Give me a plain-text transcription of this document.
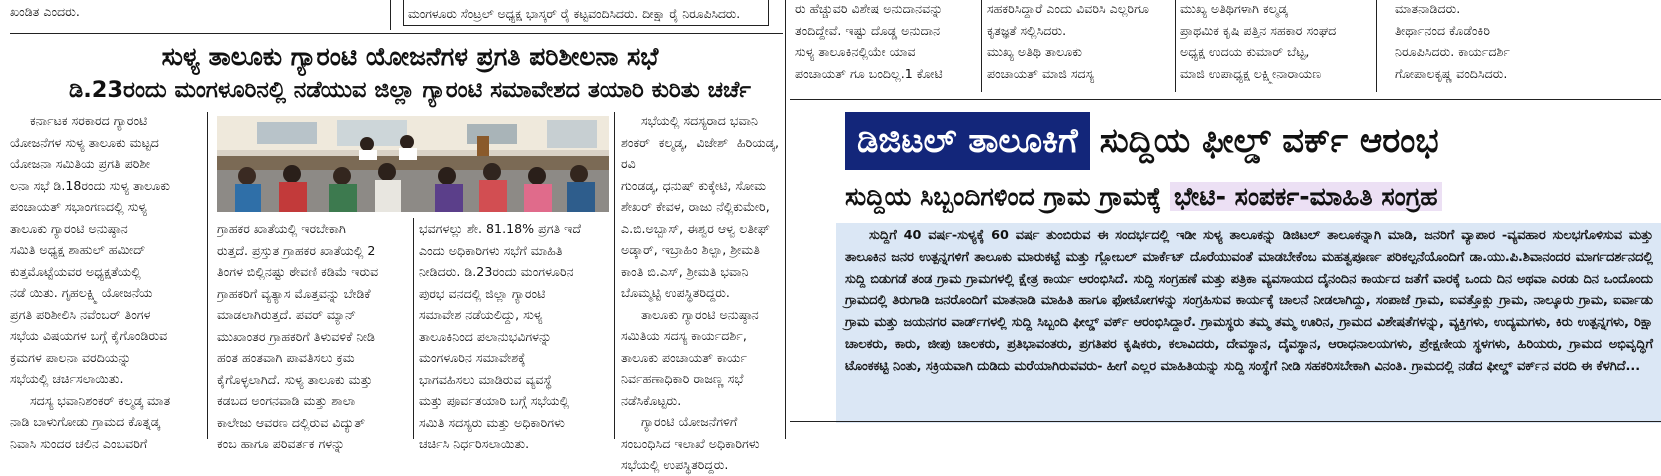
ಖಂಡಿತ ಎಂದರು.	ಮಂಗಳೂರು ಸೆಂಟ್ರಲ್ ಅಧ್ಯಕ್ಷ ಭಾಸ್ಕರ್ ರೈ ಕಟ್ಟವಂದಿಸಿದರು. ದೀಕ್ಷಾ ರೈ ನಿರೂಪಿಸಿದರು.	ರು ಹೆಚ್ಚುವರಿ ವಿಶೇಷ ಅನುದಾನವನ್ನು

ತಂದಿದ್ದೇವೆ. ಇಷ್ಟು ದೊಡ್ಡ ಅನುದಾನ

ಸುಳ್ಯ ತಾಲೂಕಿನಲ್ಲಿಯೇ ಯಾವ

ಪಂಚಾಯತ್ ಗೂ ಬಂದಿಲ್ಲ.1 ಕೋಟಿ

ಸಹಕರಿಸಿದ್ದಾರೆ ಎಂದು ವಿವರಿಸಿ ಎಲ್ಲರಿಗೂ

ಕೃತಜ್ಞತೆ ಸಲ್ಲಿಸಿದರು.

ಮುಖ್ಯ ಅತಿಥಿ ತಾಲೂಕು

ಪಂಚಾಯತ್ ಮಾಜಿ ಸದಸ್ಯ

ಮುಖ್ಯ ಅತಿಥಿಗಳಾಗಿ ಕಲ್ಮಡ್ಕ

ಪ್ರಾಥಮಿಕ ಕೃಷಿ ಪತ್ತಿನ ಸಹಕಾರ ಸಂಘದ

ಅಧ್ಯಕ್ಷ ಉದಯ ಕುಮಾರ್ ಬೆಟ್ಟ,

ಮಾಜಿ ಉಪಾಧ್ಯಕ್ಷ ಲಕ್ಷ್ಮೀನಾರಾಯಣ

ಮಾತನಾಡಿದರು.

ತೀರ್ಥಾನಂದ ಕೊಡೆಂಕಿರಿ

ನಿರೂಪಿಸಿದರು. ಕಾರ್ಯದರ್ಶಿ

ಗೋಪಾಲಕೃಷ್ಣ ವಂದಿಸಿದರು.

ಸುಳ್ಯ ತಾಲೂಕು ಗ್ಯಾರಂಟಿ ಯೋಜನೆಗಳ ಪ್ರಗತಿ ಪರಿಶೀಲನಾ ಸಭೆ
ಡಿ.23ರಂದು ಮಂಗಳೂರಿನಲ್ಲಿ ನಡೆಯುವ ಜಿಲ್ಲಾ ಗ್ಯಾರಂಟಿ ಸಮಾವೇಶದ ತಯಾರಿ ಕುರಿತು ಚರ್ಚೆ

ಕರ್ನಾಟಕ ಸರಕಾರದ ಗ್ಯಾರಂಟಿ

ಯೋಜನೆಗಳ ಸುಳ್ಯ ತಾಲೂಕು ಮಟ್ಟದ

ಯೋಜನಾ ಸಮಿತಿಯ ಪ್ರಗತಿ ಪರಿಶೀ

ಲನಾ ಸಭೆ ಡಿ.18ರಂದು ಸುಳ್ಯ ತಾಲೂಕು

ಪಂಚಾಯತ್ ಸಭಾಂಗಣದಲ್ಲಿ ಸುಳ್ಯ

ತಾಲೂಕು ಗ್ಯಾರಂಟಿ ಅನುಷ್ಠಾನ

ಸಮಿತಿ ಅಧ್ಯಕ್ಷ ಶಾಹುಲ್ ಹಮೀದ್

ಕುತ್ತಮೊಟ್ಟೆಯವರ ಅಧ್ಯಕ್ಷತೆಯಲ್ಲಿ

ನಡೆ ಯಿತು. ಗೃಹಲಕ್ಷ್ಮಿ ಯೋಜನೆಯ

ಪ್ರಗತಿ ಪರಿಶೀಲಿಸಿ ನವೆಂಬರ್ ತಿಂಗಳ

ಸಭೆಯ ವಿಷಯಗಳ ಬಗ್ಗೆ ಕೈಗೊಂಡಿರುವ

ಕ್ರಮಗಳ ಪಾಲನಾ ವರದಿಯನ್ನು

ಸಭೆಯಲ್ಲಿ ಚರ್ಚಿಸಲಾಯಿತು.

ಸದಸ್ಯ ಭವಾನಿಶಂಕರ್ ಕಲ್ಮಡ್ಕ ಮಾತ

ನಾಡಿ ಬಾಳುಗೋಡು ಗ್ರಾಮದ ಕೊತ್ನಡ್ಕ

ನಿವಾಸಿ ಸುಂದರ ಚಲಿನ ಎಂಬವರಿಗೆ

ಗ್ರಾಹಕರ ಖಾತೆಯಲ್ಲಿ ಇರಬೇಕಾಗಿ

ರುತ್ತದೆ. ಪ್ರಸ್ತುತ ಗ್ರಾಹಕರ ಖಾತೆಯಲ್ಲಿ 2

ತಿಂಗಳ ಬಿಲ್ಲಿನಷ್ಟು ಠೇವಣಿ ಕಡಿಮೆ ಇರುವ

ಗ್ರಾಹಕರಿಗೆ ವ್ಯತ್ಯಾಸ ಮೊತ್ತವನ್ನು ಬೇಡಿಕೆ

ಮಾಡಲಾಗಿರುತ್ತದೆ. ಪವರ್ ಮ್ಯಾನ್

ಮುಖಾಂತರ ಗ್ರಾಹಕರಿಗೆ ತಿಳುವಳಿಕೆ ನೀಡಿ

ಹಂತ ಹಂತವಾಗಿ ಪಾವತಿಸಲು ಕ್ರಮ

ಕೈಗೊಳ್ಳಲಾಗಿದೆ. ಸುಳ್ಯ ತಾಲೂಕು ಮತ್ತು

ಕಡಬದ ಅಂಗನವಾಡಿ ಮತ್ತು ಶಾಲಾ

ಕಾಲೇಜು ಆವರಣ ದಲ್ಲಿರುವ ವಿದ್ಯುತ್

ಕಂಬ ಹಾಗೂ ಪರಿವರ್ತಕ ಗಳನ್ನು

ಭವಗಳಲ್ಲು ಶೇ. 81.18% ಪ್ರಗತಿ ಇದೆ

ಎಂದು ಅಧಿಕಾರಿಗಳು ಸಭೆಗೆ ಮಾಹಿತಿ

ನೀಡಿದರು. ಡಿ.23ರಂದು ಮಂಗಳೂರಿನ

ಪುರಭ ವನದಲ್ಲಿ ಜಿಲ್ಲಾ ಗ್ಯಾರಂಟಿ

ಸಮಾವೇಶ ನಡೆಯಲಿದ್ದು, ಸುಳ್ಯ

ತಾಲೂಕಿನಿಂದ ಪಲಾನುಭವಿಗಳನ್ನು

ಮಂಗಳೂರಿನ ಸಮಾವೇಶಕ್ಕೆ

ಭಾಗವಹಿಸಲು ಮಾಡಿರುವ ವ್ಯವಸ್ಥೆ

ಮತ್ತು ಪೂರ್ವತಯಾರಿ ಬಗ್ಗೆ ಸಭೆಯಲ್ಲಿ

ಸಮಿತಿ ಸದಸ್ಯರು ಮತ್ತು ಅಧಿಕಾರಿಗಳು

ಚರ್ಚಿಸಿ ನಿರ್ಧರಿಸಲಾಯಿತು.

ಸಭೆಯಲ್ಲಿ ಸದಸ್ಯರಾದ ಭವಾನಿ

ಶಂಕರ್ ಕಲ್ಮಡ್ಕ, ವಿಜೇಶ್ ಹಿರಿಯಡ್ಕ, ರವಿ

ಗುಂಡಡ್ಕ, ಧನುಷ್ ಕುಕ್ಕೇಟಿ, ಸೋಮ

ಶೇಖರ್ ಕೇವಳ, ರಾಜು ನೆಲ್ಲಿಕುಮೇರಿ,

ಎ.ಬಿ.ಅಬ್ಬಾಸ್, ಈಶ್ವರ ಆಳ್ವ ಲತೀಫ್

ಅಡ್ಕಾರ್, ಇಬ್ರಾಹಿಂ ಶಿಲ್ಪಾ, ಶ್ರೀಮತಿ

ಕಾಂತಿ ಬಿ.ಎಸ್, ಶ್ರೀಮತಿ ಭವಾನಿ

ಬೊಮ್ಮಟ್ಟಿ ಉಪಸ್ಥಿತರಿದ್ದರು.

ತಾಲೂಕು ಗ್ಯಾರಂಟಿ ಅನುಷ್ಠಾನ

ಸಮಿತಿಯ ಸದಸ್ಯ ಕಾರ್ಯದರ್ಶಿ,

ತಾಲೂಕು ಪಂಚಾಯತ್ ಕಾರ್ಯ

ನಿರ್ವಹಣಾಧಿಕಾರಿ ರಾಜಣ್ಣ ಸಭೆ

ನಡೆಸಿಕೊಟ್ಟರು.

ಗ್ಯಾರಂಟಿ ಯೋಜನೆಗಳಿಗೆ

ಸಂಬಂಧಿಸಿದ ಇಲಾಖೆ ಅಧಿಕಾರಿಗಳು

ಸಭೆಯಲ್ಲಿ ಉಪಸ್ಥಿತರಿದ್ದರು.

ಡಿಜಿಟಲ್ ತಾಲೂಕಿಗೆ ಸುದ್ದಿಯ ಫೀಲ್ಡ್ ವರ್ಕ್ ಆರಂಭ
ಸುದ್ದಿಯ ಸಿಬ್ಬಂದಿಗಳಿಂದ ಗ್ರಾಮ ಗ್ರಾಮಕ್ಕೆ ಭೇಟಿ- ಸಂಪರ್ಕ-ಮಾಹಿತಿ ಸಂಗ್ರಹ
ಸುದ್ದಿಗೆ 40 ವರ್ಷ-ಸುಳ್ಯಕ್ಕೆ 60 ವರ್ಷ ತುಂಬಿರುವ ಈ ಸಂದರ್ಭದಲ್ಲಿ ಇಡೀ ಸುಳ್ಯ ತಾಲೂಕನ್ನು ಡಿಜಿಟಲ್ ತಾಲೂಕನ್ನಾಗಿ ಮಾಡಿ, ಜನರಿಗೆ ವ್ಯಾಪಾರ -ವ್ಯವಹಾರ ಸುಲಭಗೊಳಿಸುವ ಮತ್ತು ತಾಲೂಕಿನ ಜನರ ಉತ್ಪನ್ನಗಳಿಗೆ ತಾಲೂಕು ಮಾರುಕಟ್ಟೆ ಮತ್ತು ಗ್ಲೋಬಲ್ ಮಾರ್ಕೆಟ್ ದೊರೆಯುವಂತೆ ಮಾಡಬೇಕೆಂಬ ಮಹತ್ವಪೂರ್ಣ ಪರಿಕಲ್ಪನೆಯೊಂದಿಗೆ ಡಾ.ಯು.ಪಿ.ಶಿವಾನಂದರ ಮಾರ್ಗದರ್ಶನದಲ್ಲಿ ಸುದ್ದಿ ಬಿಡುಗಡೆ ತಂಡ ಗ್ರಾಮ ಗ್ರಾಮಗಳಲ್ಲಿ ಕ್ಷೇತ್ರ ಕಾರ್ಯ ಆರಂಭಿಸಿದೆ. ಸುದ್ದಿ ಸಂಗ್ರಹಣೆ ಮತ್ತು ಪತ್ರಿಕಾ ವ್ಯವಸಾಯದ ದೈನಂದಿನ ಕಾರ್ಯದ ಜತೆಗೆ ವಾರಕ್ಕೆ ಒಂದು ದಿನ ಅಥವಾ ಎರಡು ದಿನ ಒಂದೊಂದು ಗ್ರಾಮದಲ್ಲಿ ತಿರುಗಾಡಿ ಜನರೊಂದಿಗೆ ಮಾತನಾಡಿ ಮಾಹಿತಿ ಹಾಗೂ ಫೋಟೋಗಳನ್ನು ಸಂಗ್ರಹಿಸುವ ಕಾರ್ಯಕ್ಕೆ ಚಾಲನೆ ನೀಡಲಾಗಿದ್ದು, ಸಂಪಾಜೆ ಗ್ರಾಮ, ಐವತ್ತೊಕ್ಲು ಗ್ರಾಮ, ನಾಲ್ಕೂರು ಗ್ರಾಮ, ಐರ್ವಾಡು ಗ್ರಾಮ ಮತ್ತು ಜಯನಗರ ವಾರ್ಡ್‌ಗಳಲ್ಲಿ ಸುದ್ದಿ ಸಿಬ್ಬಂದಿ ಫೀಲ್ಡ್ ವರ್ಕ್ ಆರಂಭಿಸಿದ್ದಾರೆ. ಗ್ರಾಮಸ್ಥರು ತಮ್ಮ ತಮ್ಮ ಊರಿನ, ಗ್ರಾಮದ ವಿಶೇಷತೆಗಳನ್ನು, ವ್ಯಕ್ತಿಗಳು, ಉದ್ಯಮಗಳು, ಕಿರು ಉತ್ಪನ್ನಗಳು, ರಿಕ್ಷಾ ಚಾಲಕರು, ಕಾರು, ಜೀಪು ಚಾಲಕರು, ಪ್ರತಿಭಾವಂತರು, ಪ್ರಗತಿಪರ ಕೃಷಿಕರು, ಕಲಾವಿದರು, ದೇವಸ್ಥಾನ, ದೈವಸ್ಥಾನ, ಆರಾಧನಾಲಯಗಳು, ಪ್ರೇಕ್ಷಣೀಯ ಸ್ಥಳಗಳು, ಹಿರಿಯರು, ಗ್ರಾಮದ ಅಭಿವೃದ್ಧಿಗೆ ಟೊಂಕಕಟ್ಟಿ ನಿಂತು, ಸಕ್ರಿಯವಾಗಿ ದುಡಿದು ಮರೆಯಾಗಿರುವವರು- ಹೀಗೆ ಎಲ್ಲರ ಮಾಹಿತಿಯನ್ನು ಸುದ್ದಿ ಸಂಸ್ಥೆಗೆ ನೀಡಿ ಸಹಕರಿಸಬೇಕಾಗಿ ವಿನಂತಿ. ಗ್ರಾಮದಲ್ಲಿ ನಡೆದ ಫೀಲ್ಡ್ ವರ್ಕ್‌ನ ವರದಿ ಈ ಕೆಳಗಿದೆ...
